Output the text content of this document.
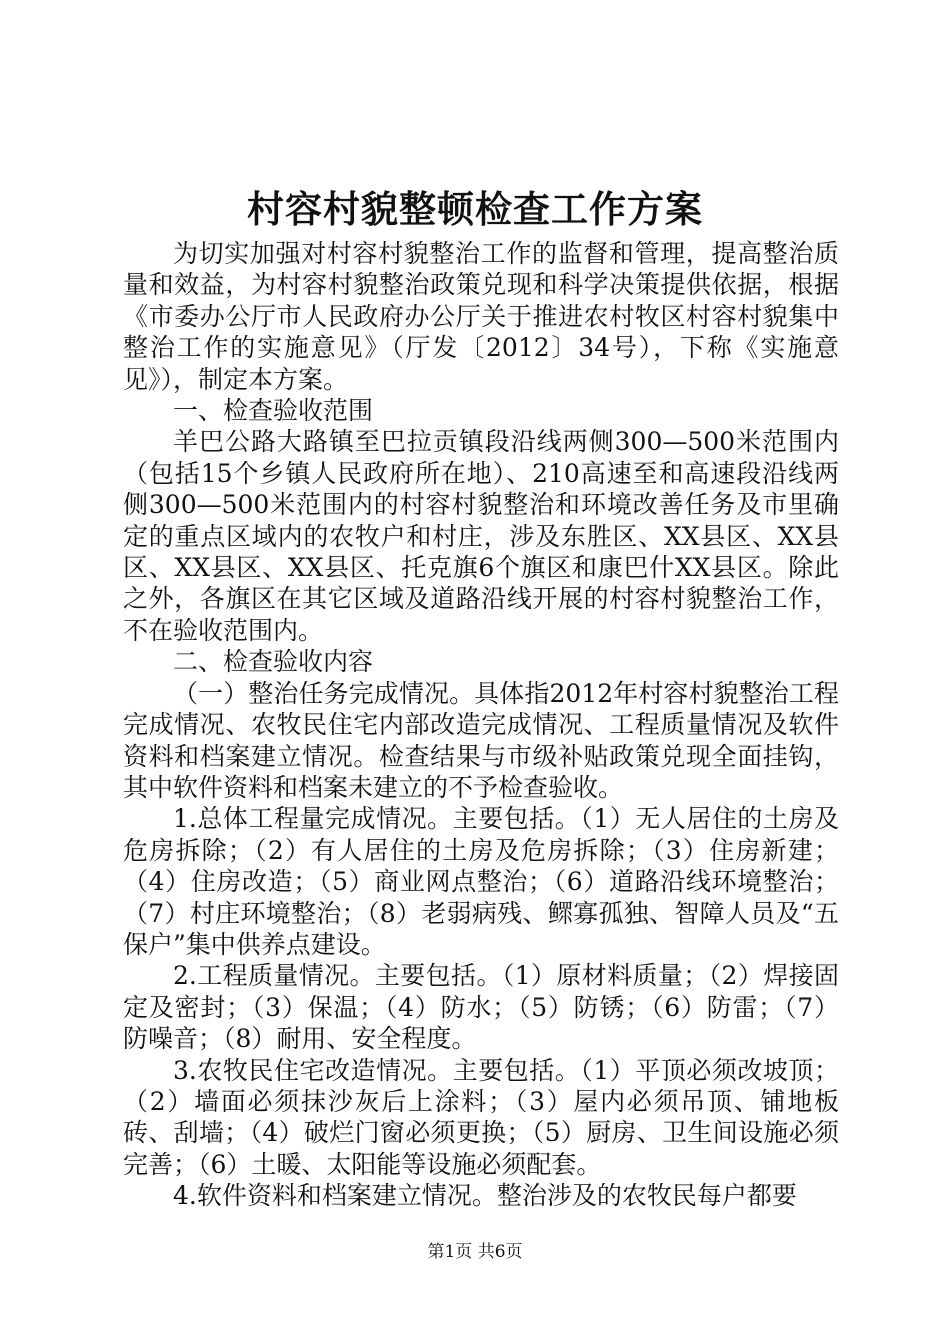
村容村貌整顿检查工作方案

为切实加强对村容村貌整治工作的监督和管理，提高整治质量和效益，为村容村貌整治政策兑现和科学决策提供依据，根据《市委办公厅市人民政府办公厅关于推进农村牧区村容村貌集中整治工作的实施意见》（厅发〔2012〕34号），下称《实施意见》），制定本方案。

一、检查验收范围

羊巴公路大路镇至巴拉贡镇段沿线两侧300—500米范围内（包括15个乡镇人民政府所在地）、210高速至和高速段沿线两侧300—500米范围内的村容村貌整治和环境改善任务及市里确定的重点区域内的农牧户和村庄，涉及东胜区、XX县区、XX县区、XX县区、XX县区、托克旗6个旗区和康巴什XX县区。除此之外，各旗区在其它区域及道路沿线开展的村容村貌整治工作，不在验收范围内。

二、检查验收内容

（一）整治任务完成情况。具体指2012年村容村貌整治工程完成情况、农牧民住宅内部改造完成情况、工程质量情况及软件资料和档案建立情况。检查结果与市级补贴政策兑现全面挂钩，其中软件资料和档案未建立的不予检查验收。

1.总体工程量完成情况。主要包括。（1）无人居住的土房及危房拆除；（2）有人居住的土房及危房拆除；（3）住房新建；（4）住房改造；（5）商业网点整治；（6）道路沿线环境整治；（7）村庄环境整治；（8）老弱病残、鳏寡孤独、智障人员及“五保户”集中供养点建设。

2.工程质量情况。主要包括。（1）原材料质量；（2）焊接固定及密封；（3）保温；（4）防水；（5）防锈；（6）防雷；（7）防噪音；（8）耐用、安全程度。

3.农牧民住宅改造情况。主要包括。（1）平顶必须改坡顶；（2）墙面必须抹沙灰后上涂料；（3）屋内必须吊顶、铺地板砖、刮墙；（4）破烂门窗必须更换；（5）厨房、卫生间设施必须完善；（6）土暖、太阳能等设施必须配套。

4.软件资料和档案建立情况。整治涉及的农牧民每户都要

第1页 共6页
